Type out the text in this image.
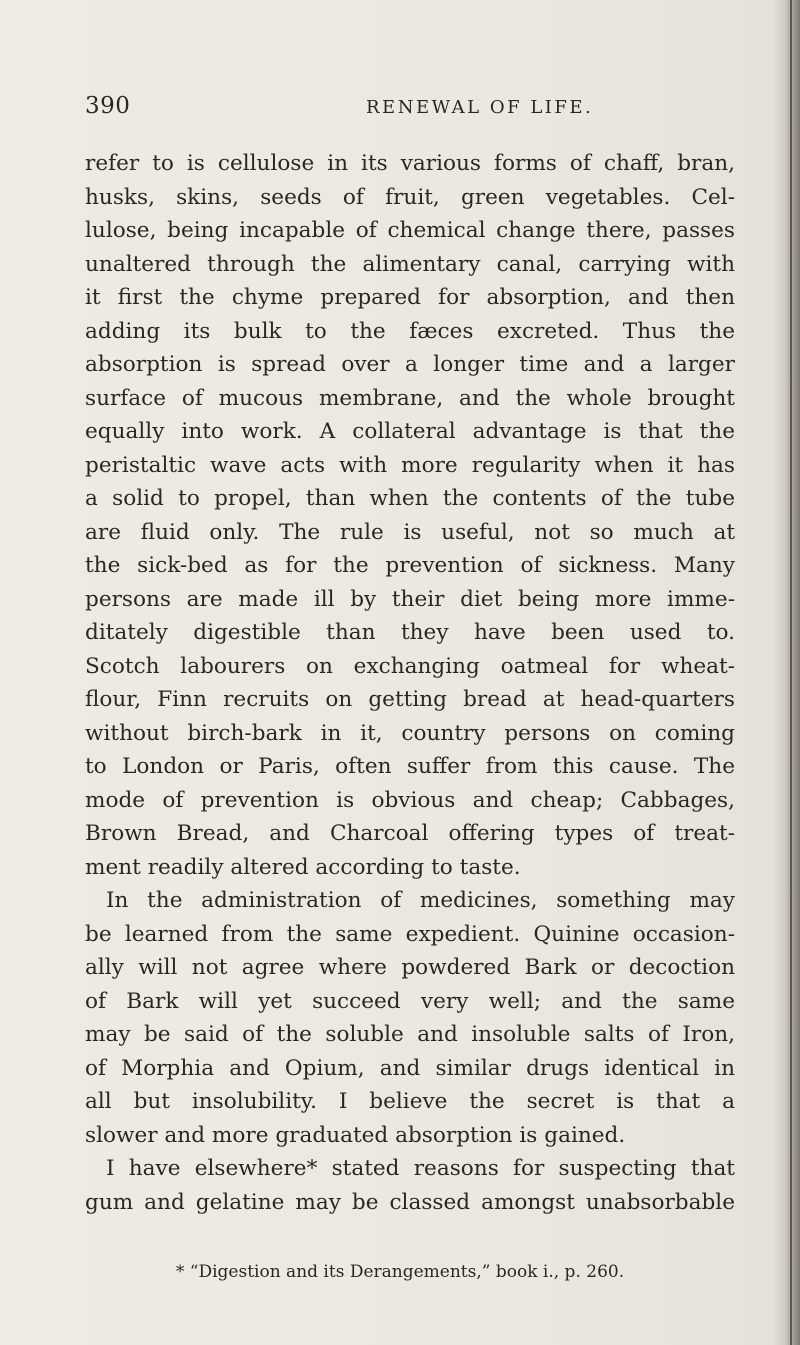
390	RENEWAL OF LIFE.
refer to is cellulose in its various forms of chaff, bran,
husks, skins, seeds of fruit, green vegetables. Cel-
lulose, being incapable of chemical change there, passes
unaltered through the alimentary canal, carrying with
it first the chyme prepared for absorption, and then
adding its bulk to the fæces excreted. Thus the
absorption is spread over a longer time and a larger
surface of mucous membrane, and the whole brought
equally into work. A collateral advantage is that the
peristaltic wave acts with more regularity when it has
a solid to propel, than when the contents of the tube
are fluid only. The rule is useful, not so much at
the sick-bed as for the prevention of sickness. Many
persons are made ill by their diet being more imme-
ditately digestible than they have been used to.
Scotch labourers on exchanging oatmeal for wheat-
flour, Finn recruits on getting bread at head-quarters
without birch-bark in it, country persons on coming
to London or Paris, often suffer from this cause. The
mode of prevention is obvious and cheap; Cabbages,
Brown Bread, and Charcoal offering types of treat-
ment readily altered according to taste.
In the administration of medicines, something may
be learned from the same expedient. Quinine occasion-
ally will not agree where powdered Bark or decoction
of Bark will yet succeed very well; and the same
may be said of the soluble and insoluble salts of Iron,
of Morphia and Opium, and similar drugs identical in
all but insolubility. I believe the secret is that a
slower and more graduated absorption is gained.
I have elsewhere* stated reasons for suspecting that
gum and gelatine may be classed amongst unabsorbable
* “Digestion and its Derangements,” book i., p. 260.
